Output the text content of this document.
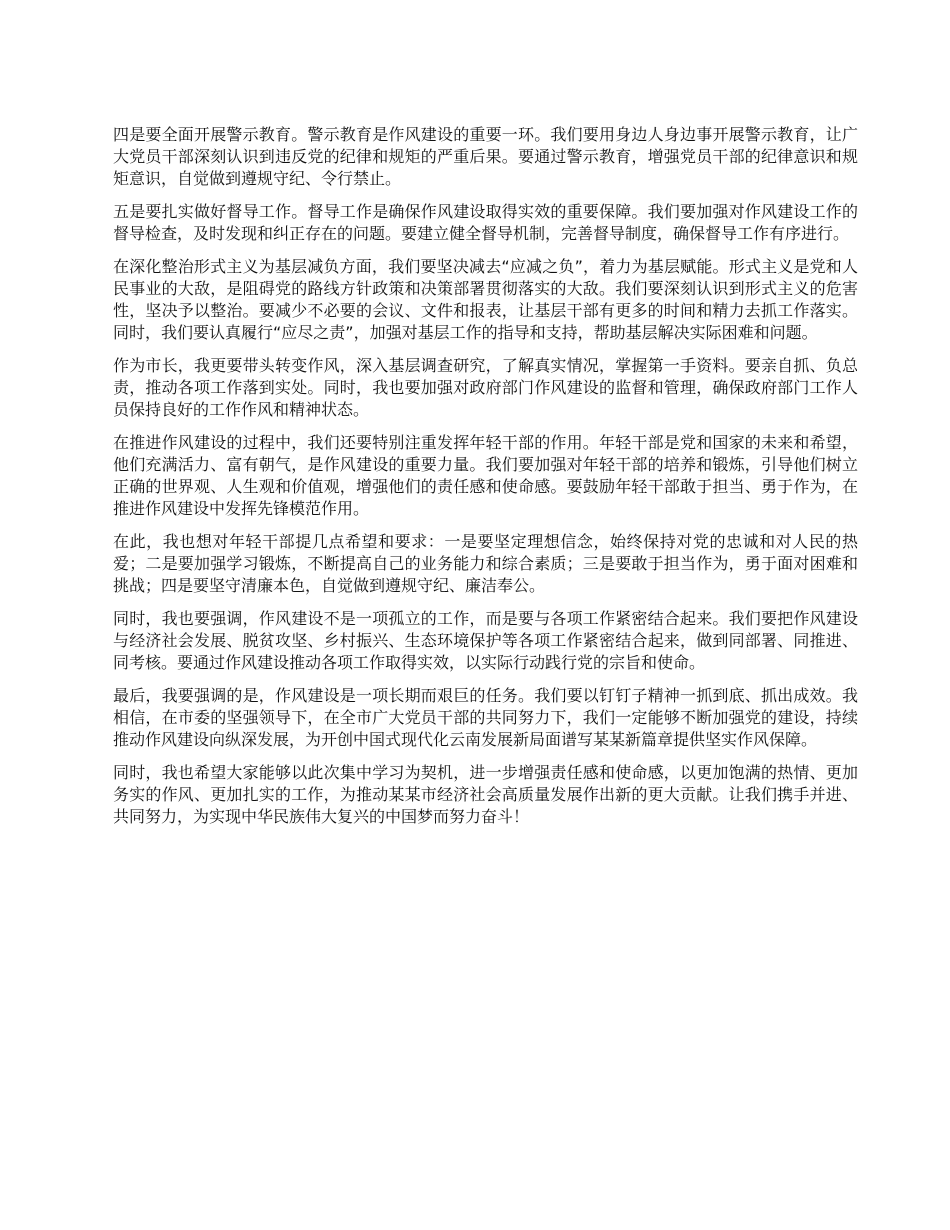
四是要全面开展警示教育。警示教育是作风建设的重要一环。我们要用身边人身边事开展警示教育，让广大党员干部深刻认识到违反党的纪律和规矩的严重后果。要通过警示教育，增强党员干部的纪律意识和规矩意识，自觉做到遵规守纪、令行禁止。

五是要扎实做好督导工作。督导工作是确保作风建设取得实效的重要保障。我们要加强对作风建设工作的督导检查，及时发现和纠正存在的问题。要建立健全督导机制，完善督导制度，确保督导工作有序进行。

在深化整治形式主义为基层减负方面，我们要坚决减去“应减之负”，着力为基层赋能。形式主义是党和人民事业的大敌，是阻碍党的路线方针政策和决策部署贯彻落实的大敌。我们要深刻认识到形式主义的危害性，坚决予以整治。要减少不必要的会议、文件和报表，让基层干部有更多的时间和精力去抓工作落实。同时，我们要认真履行“应尽之责”，加强对基层工作的指导和支持，帮助基层解决实际困难和问题。

作为市长，我更要带头转变作风，深入基层调查研究，了解真实情况，掌握第一手资料。要亲自抓、负总责，推动各项工作落到实处。同时，我也要加强对政府部门作风建设的监督和管理，确保政府部门工作人员保持良好的工作作风和精神状态。

在推进作风建设的过程中，我们还要特别注重发挥年轻干部的作用。年轻干部是党和国家的未来和希望，他们充满活力、富有朝气，是作风建设的重要力量。我们要加强对年轻干部的培养和锻炼，引导他们树立正确的世界观、人生观和价值观，增强他们的责任感和使命感。要鼓励年轻干部敢于担当、勇于作为，在推进作风建设中发挥先锋模范作用。

在此，我也想对年轻干部提几点希望和要求：一是要坚定理想信念，始终保持对党的忠诚和对人民的热爱；二是要加强学习锻炼，不断提高自己的业务能力和综合素质；三是要敢于担当作为，勇于面对困难和挑战；四是要坚守清廉本色，自觉做到遵规守纪、廉洁奉公。

同时，我也要强调，作风建设不是一项孤立的工作，而是要与各项工作紧密结合起来。我们要把作风建设与经济社会发展、脱贫攻坚、乡村振兴、生态环境保护等各项工作紧密结合起来，做到同部署、同推进、同考核。要通过作风建设推动各项工作取得实效，以实际行动践行党的宗旨和使命。

最后，我要强调的是，作风建设是一项长期而艰巨的任务。我们要以钉钉子精神一抓到底、抓出成效。我相信，在市委的坚强领导下，在全市广大党员干部的共同努力下，我们一定能够不断加强党的建设，持续推动作风建设向纵深发展，为开创中国式现代化云南发展新局面谱写某某新篇章提供坚实作风保障。

同时，我也希望大家能够以此次集中学习为契机，进一步增强责任感和使命感，以更加饱满的热情、更加务实的作风、更加扎实的工作，为推动某某市经济社会高质量发展作出新的更大贡献。让我们携手并进、共同努力，为实现中华民族伟大复兴的中国梦而努力奋斗！
